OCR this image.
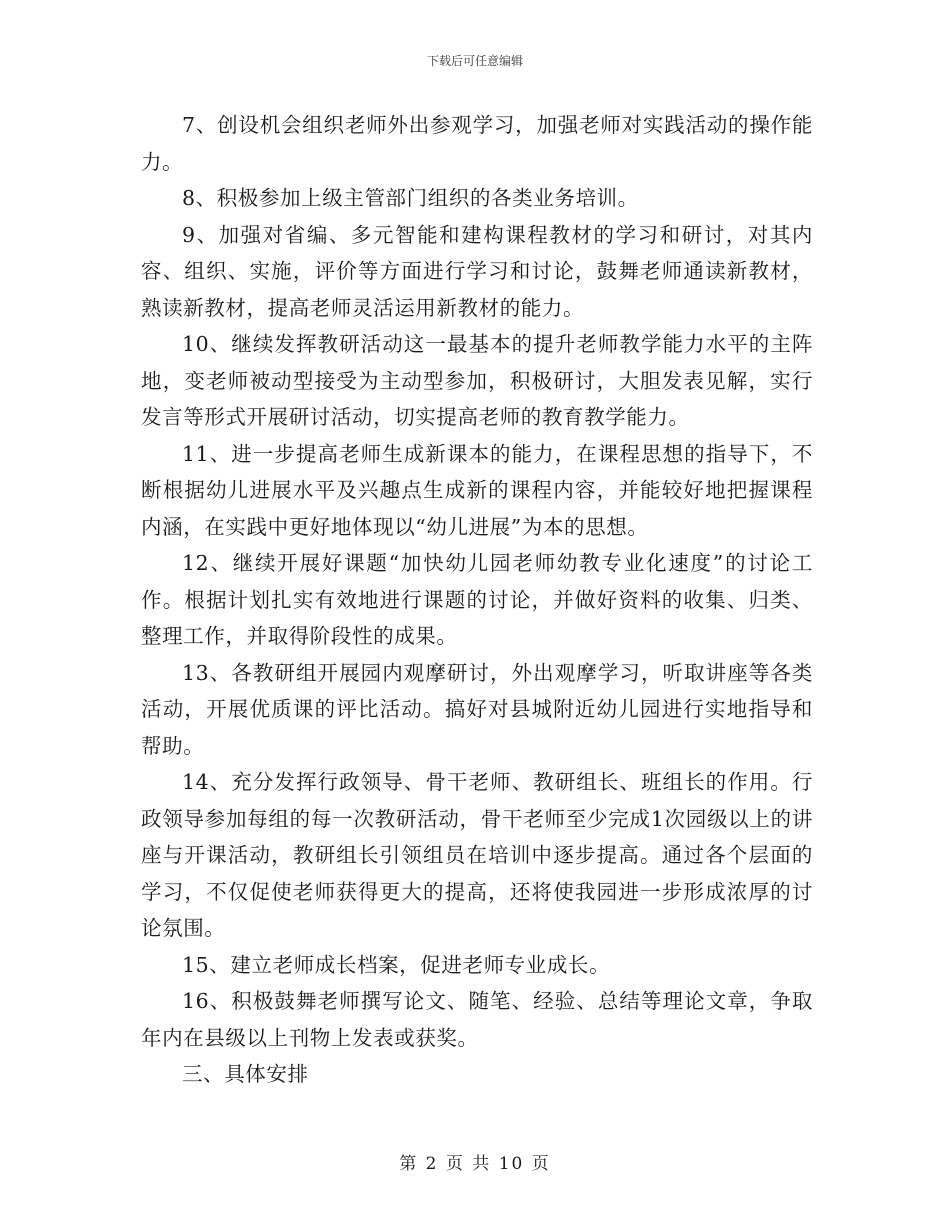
下载后可任意编辑

7、创设机会组织老师外出参观学习，加强老师对实践活动的操作能力。

8、积极参加上级主管部门组织的各类业务培训。

9、加强对省编、多元智能和建构课程教材的学习和研讨，对其内容、组织、实施，评价等方面进行学习和讨论，鼓舞老师通读新教材，熟读新教材，提高老师灵活运用新教材的能力。

10、继续发挥教研活动这一最基本的提升老师教学能力水平的主阵地，变老师被动型接受为主动型参加，积极研讨，大胆发表见解，实行发言等形式开展研讨活动，切实提高老师的教育教学能力。

11、进一步提高老师生成新课本的能力，在课程思想的指导下，不断根据幼儿进展水平及兴趣点生成新的课程内容，并能较好地把握课程内涵，在实践中更好地体现以“幼儿进展”为本的思想。

12、继续开展好课题“加快幼儿园老师幼教专业化速度”的讨论工作。根据计划扎实有效地进行课题的讨论，并做好资料的收集、归类、整理工作，并取得阶段性的成果。

13、各教研组开展园内观摩研讨，外出观摩学习，听取讲座等各类活动，开展优质课的评比活动。搞好对县城附近幼儿园进行实地指导和帮助。

14、充分发挥行政领导、骨干老师、教研组长、班组长的作用。行政领导参加每组的每一次教研活动，骨干老师至少完成1次园级以上的讲座与开课活动，教研组长引领组员在培训中逐步提高。通过各个层面的学习，不仅促使老师获得更大的提高，还将使我园进一步形成浓厚的讨论氛围。

15、建立老师成长档案，促进老师专业成长。

16、积极鼓舞老师撰写论文、随笔、经验、总结等理论文章，争取年内在县级以上刊物上发表或获奖。

三、具体安排

第 2 页 共 10 页
